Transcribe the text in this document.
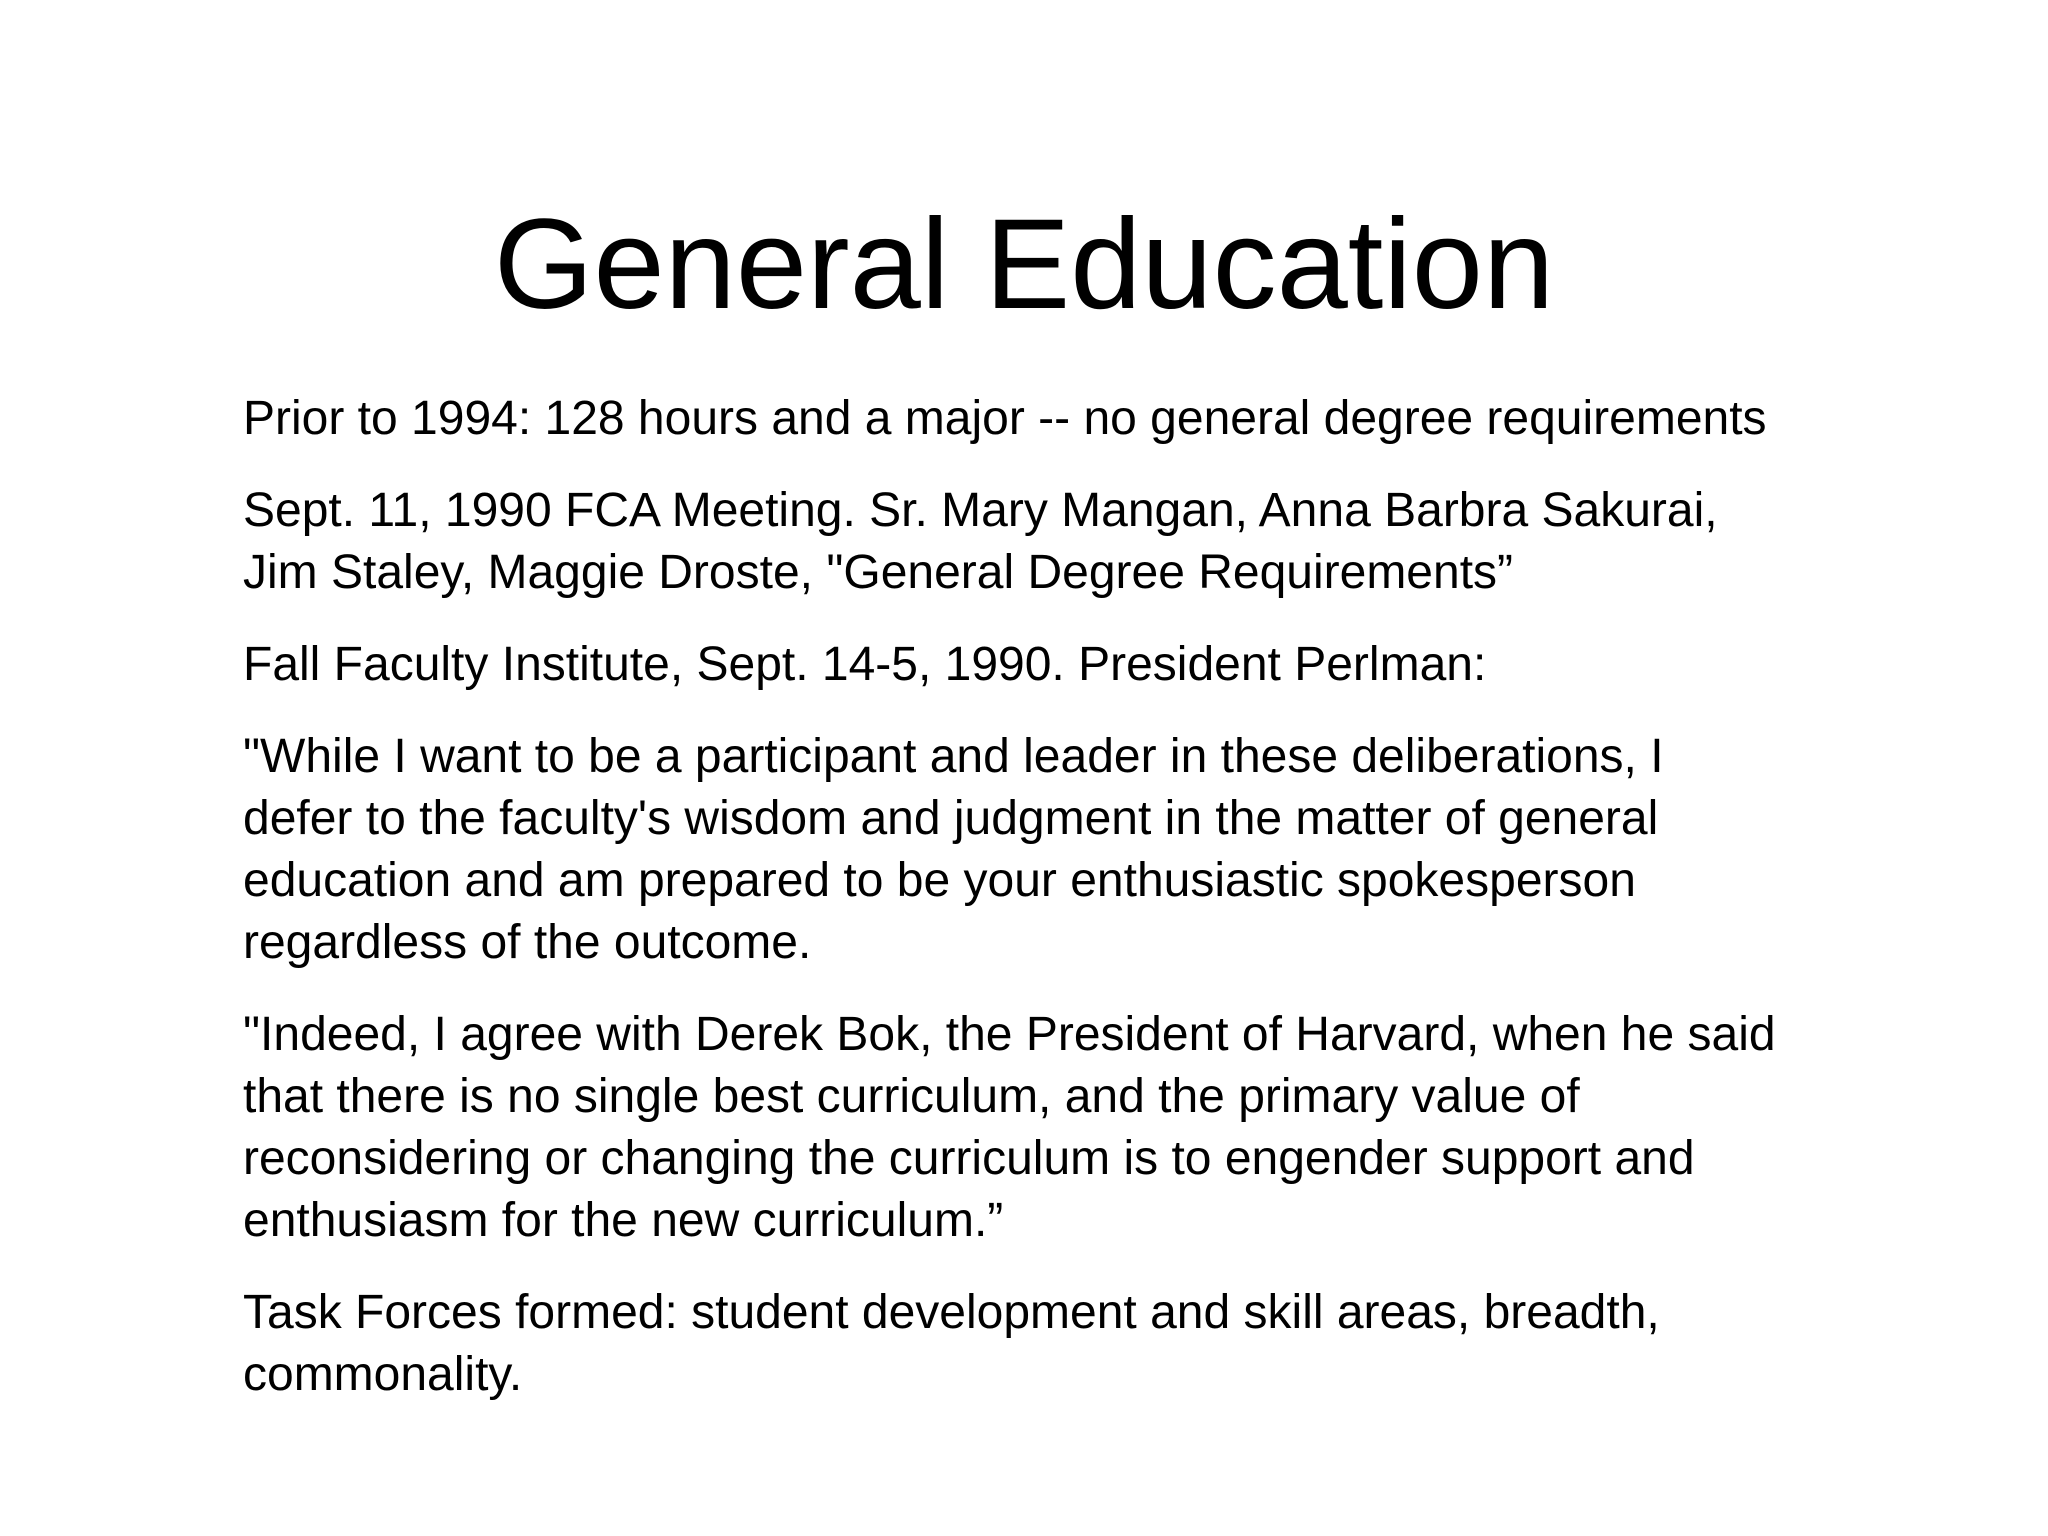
General Education

Prior to 1994: 128 hours and a major -- no general degree requirements

Sept. 11, 1990 FCA Meeting. Sr. Mary Mangan, Anna Barbra Sakurai,
Jim Staley, Maggie Droste, "General Degree Requirements”

Fall Faculty Institute, Sept. 14-5, 1990. President Perlman:

"While I want to be a participant and leader in these deliberations, I
defer to the faculty's wisdom and judgment in the matter of general
education and am prepared to be your enthusiastic spokesperson
regardless of the outcome.

"Indeed, I agree with Derek Bok, the President of Harvard, when he said
that there is no single best curriculum, and the primary value of
reconsidering or changing the curriculum is to engender support and
enthusiasm for the new curriculum.”

Task Forces formed: student development and skill areas, breadth,
commonality.
